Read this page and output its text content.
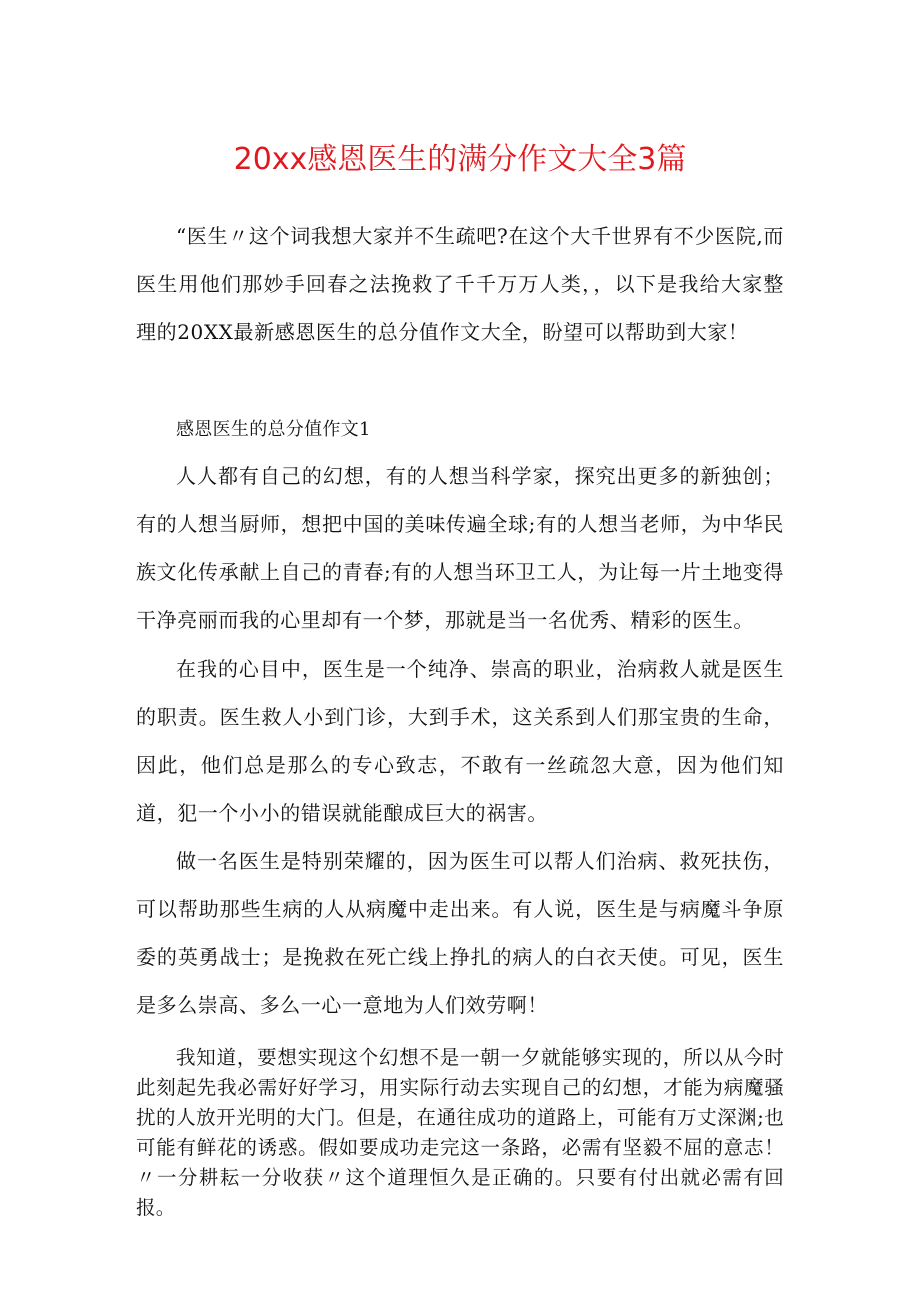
20xx感恩医生的满分作文大全3篇

“医生〃这个词我想大家并不生疏吧?在这个大千世界有不少医院,而医生用他们那妙手回春之法挽救了千千万万人类，，以下是我给大家整理的20XX最新感恩医生的总分值作文大全，盼望可以帮助到大家！

感恩医生的总分值作文1

人人都有自己的幻想，有的人想当科学家，探究出更多的新独创；有的人想当厨师，想把中国的美味传遍全球;有的人想当老师，为中华民族文化传承献上自己的青春;有的人想当环卫工人，为让每一片土地变得干净亮丽而我的心里却有一个梦，那就是当一名优秀、精彩的医生。

在我的心目中，医生是一个纯净、崇高的职业，治病救人就是医生的职责。医生救人小到门诊，大到手术，这关系到人们那宝贵的生命，因此，他们总是那么的专心致志，不敢有一丝疏忽大意，因为他们知道，犯一个小小的错误就能酿成巨大的祸害。

做一名医生是特别荣耀的，因为医生可以帮人们治病、救死扶伤，可以帮助那些生病的人从病魔中走出来。有人说，医生是与病魔斗争原委的英勇战士；是挽救在死亡线上挣扎的病人的白衣天使。可见，医生是多么崇高、多么一心一意地为人们效劳啊！

我知道，要想实现这个幻想不是一朝一夕就能够实现的，所以从今时此刻起先我必需好好学习，用实际行动去实现自己的幻想，才能为病魔骚扰的人放开光明的大门。但是，在通往成功的道路上，可能有万丈深渊;也可能有鲜花的诱惑。假如要成功走完这一条路，必需有坚毅不屈的意志！〃一分耕耘一分收获〃这个道理恒久是正确的。只要有付出就必需有回报。
